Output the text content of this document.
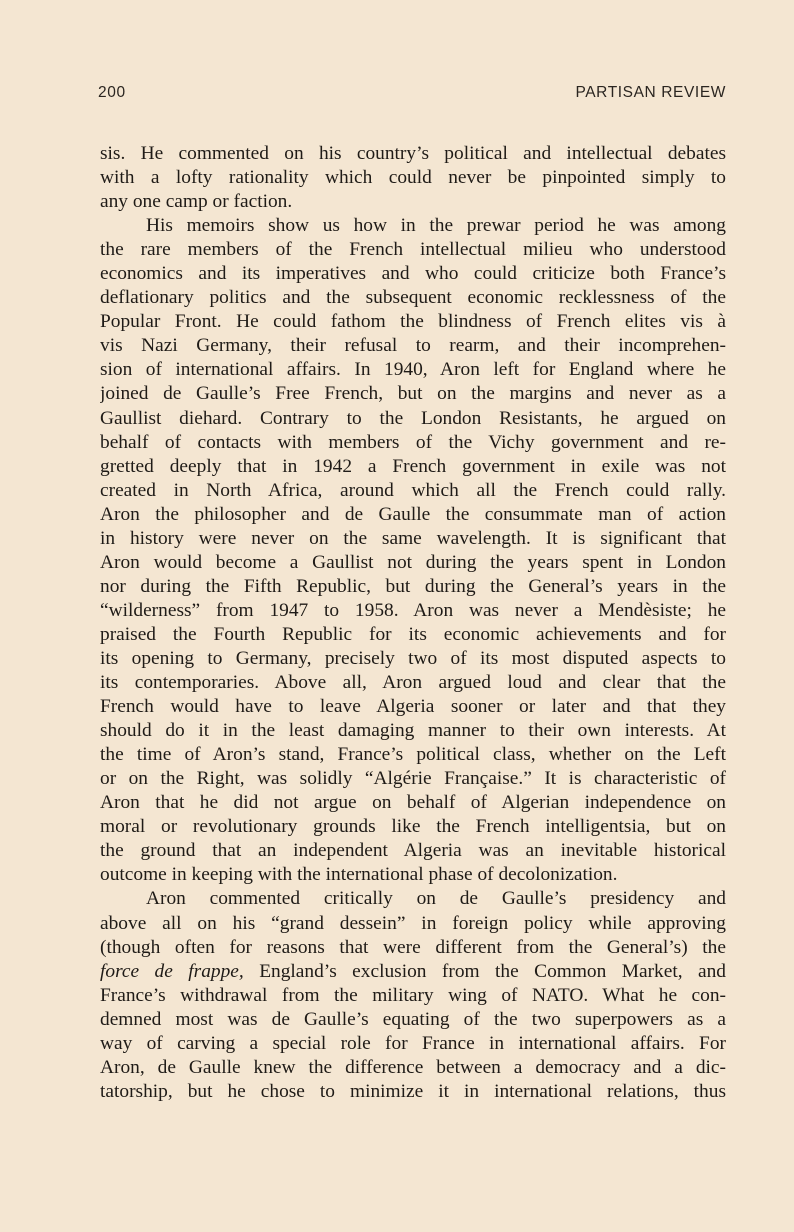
200	PARTISAN REVIEW
sis. He commented on his country’s political and intellectual debates
with a lofty rationality which could never be pinpointed simply to
any one camp or faction.
His memoirs show us how in the prewar period he was among
the rare members of the French intellectual milieu who understood
economics and its imperatives and who could criticize both France’s
deflationary politics and the subsequent economic recklessness of the
Popular Front. He could fathom the blindness of French elites vis à
vis Nazi Germany, their refusal to rearm, and their incomprehen-
sion of international affairs. In 1940, Aron left for England where he
joined de Gaulle’s Free French, but on the margins and never as a
Gaullist diehard. Contrary to the London Resistants, he argued on
behalf of contacts with members of the Vichy government and re-
gretted deeply that in 1942 a French government in exile was not
created in North Africa, around which all the French could rally.
Aron the philosopher and de Gaulle the consummate man of action
in history were never on the same wavelength. It is significant that
Aron would become a Gaullist not during the years spent in London
nor during the Fifth Republic, but during the General’s years in the
“wilderness” from 1947 to 1958. Aron was never a Mendèsiste; he
praised the Fourth Republic for its economic achievements and for
its opening to Germany, precisely two of its most disputed aspects to
its contemporaries. Above all, Aron argued loud and clear that the
French would have to leave Algeria sooner or later and that they
should do it in the least damaging manner to their own interests. At
the time of Aron’s stand, France’s political class, whether on the Left
or on the Right, was solidly “Algérie Française.” It is characteristic of
Aron that he did not argue on behalf of Algerian independence on
moral or revolutionary grounds like the French intelligentsia, but on
the ground that an independent Algeria was an inevitable historical
outcome in keeping with the international phase of decolonization.
Aron commented critically on de Gaulle’s presidency and
above all on his “grand dessein” in foreign policy while approving
(though often for reasons that were different from the General’s) the
force de frappe, England’s exclusion from the Common Market, and
France’s withdrawal from the military wing of NATO. What he con-
demned most was de Gaulle’s equating of the two superpowers as a
way of carving a special role for France in international affairs. For
Aron, de Gaulle knew the difference between a democracy and a dic-
tatorship, but he chose to minimize it in international relations, thus
